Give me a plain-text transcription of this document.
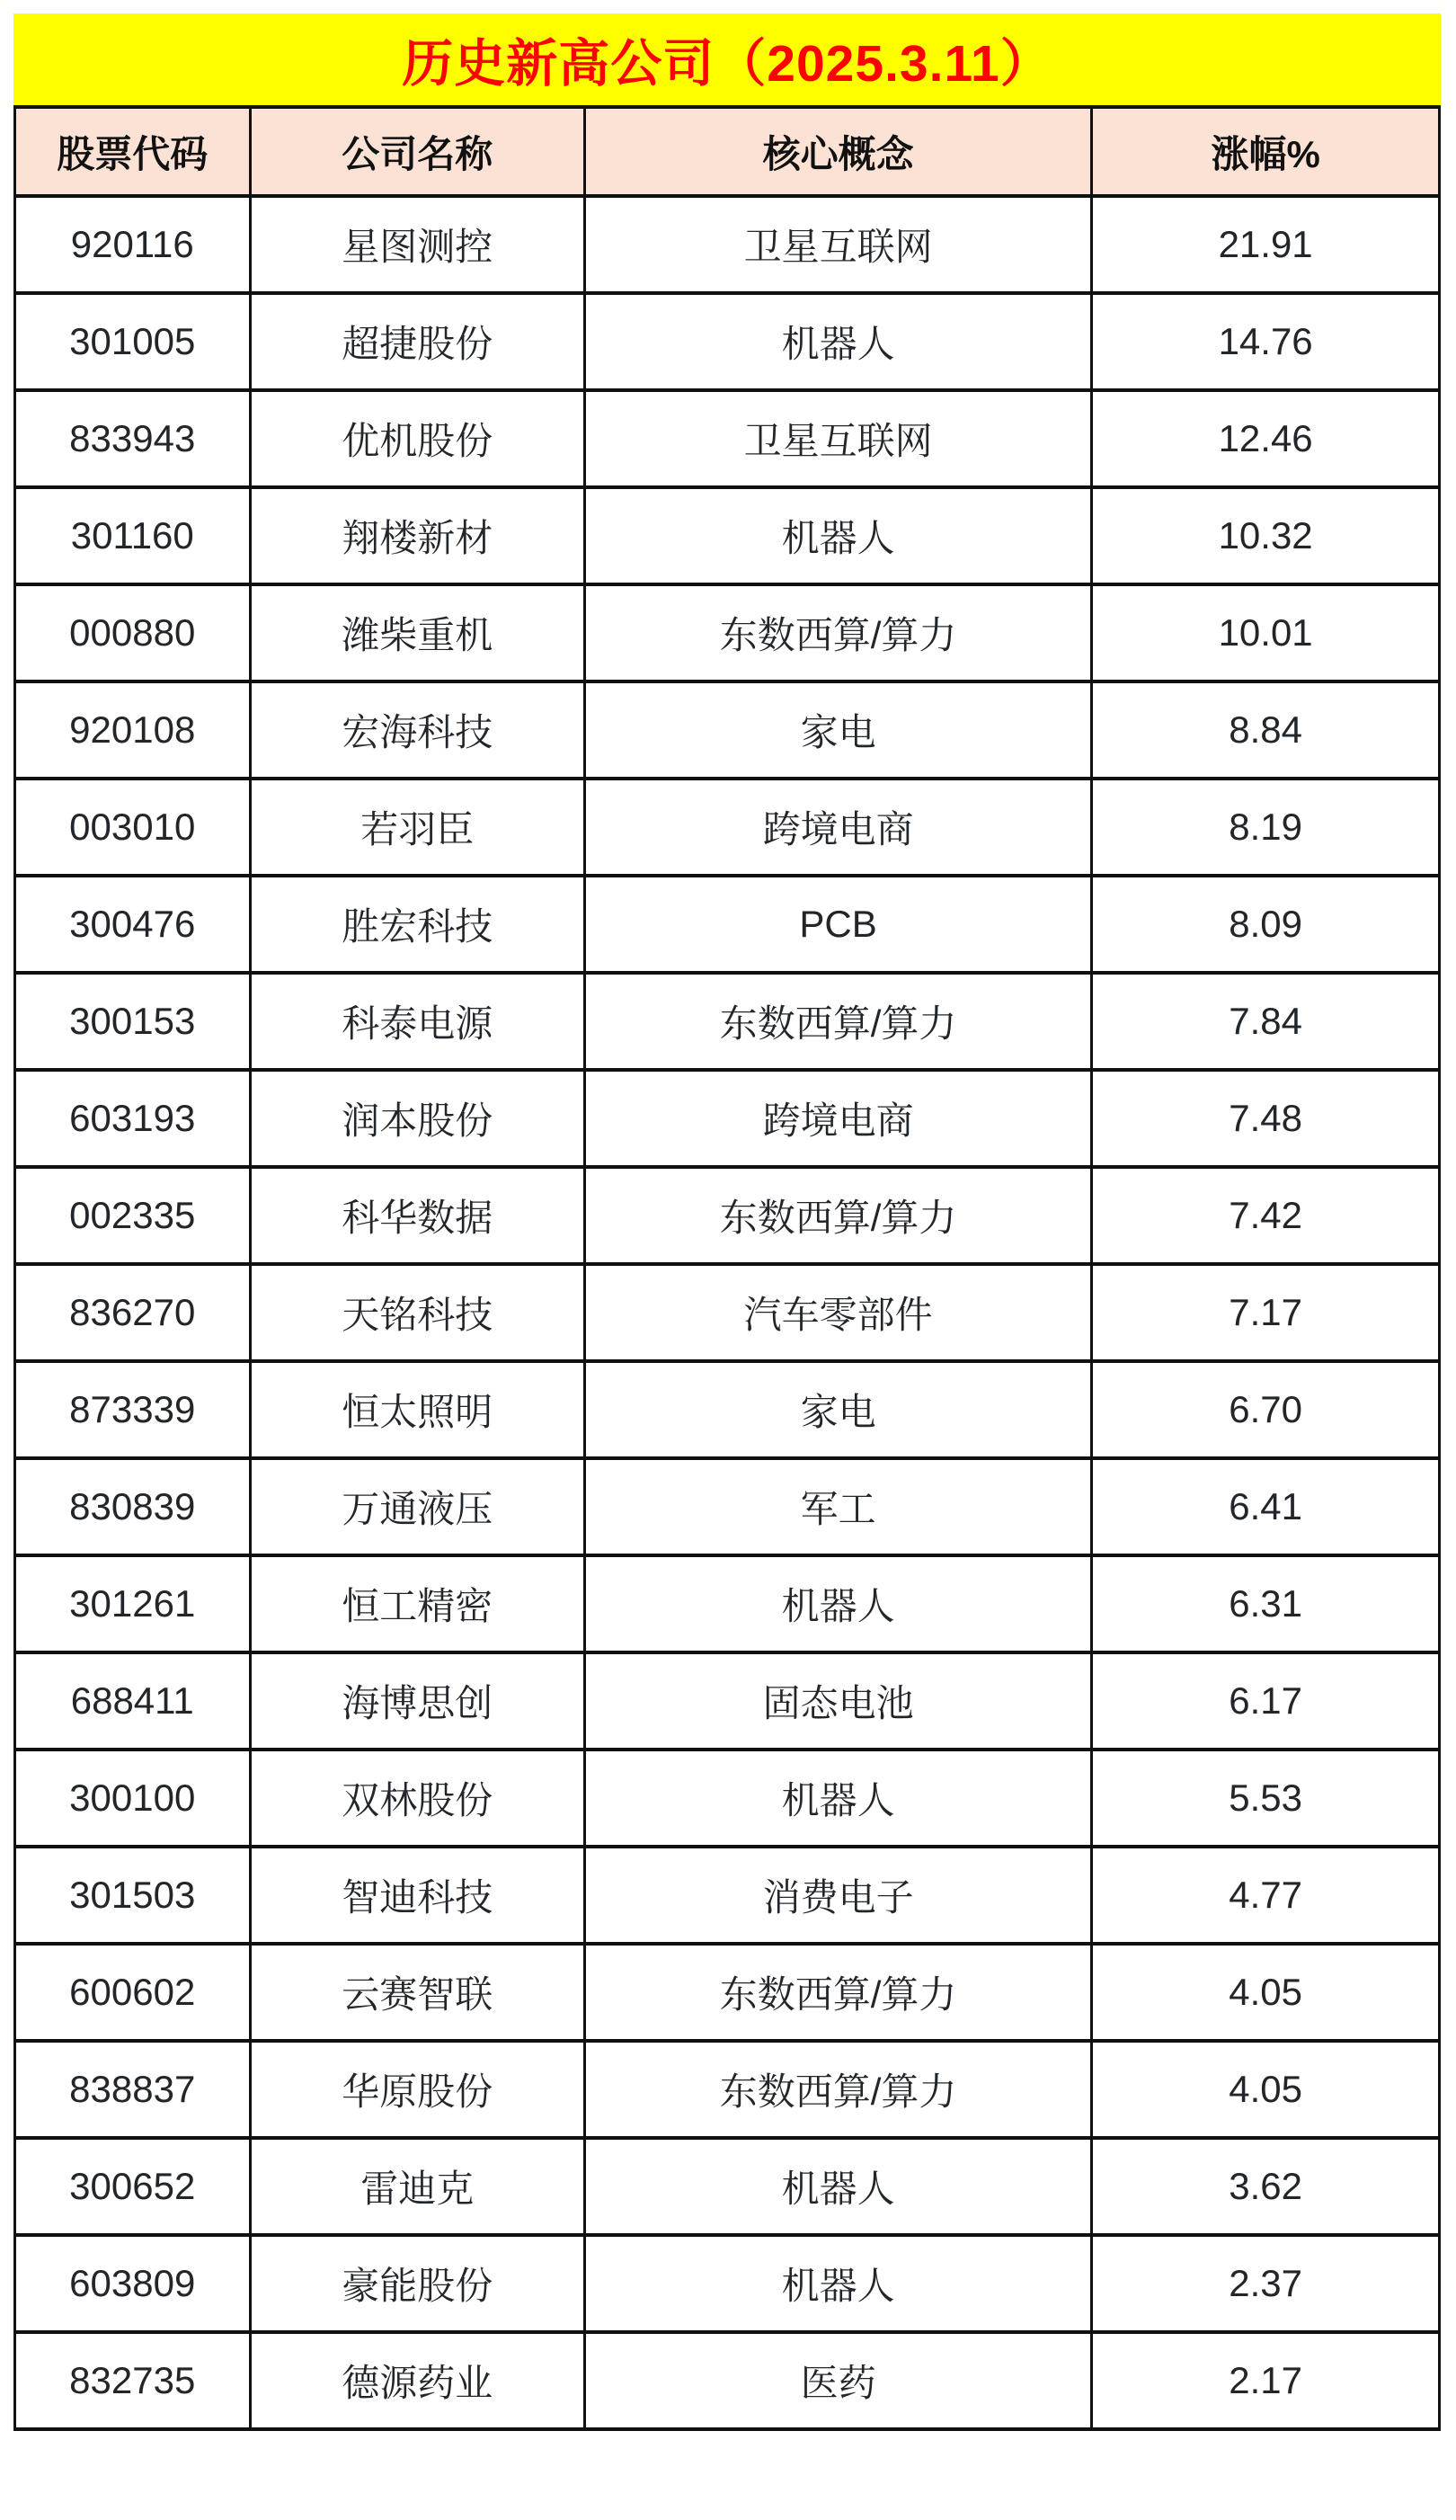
历史新高公司（2025.3.11）
股票代码	公司名称	核心概念	涨幅%
920116	星图测控	卫星互联网	21.91
301005	超捷股份	机器人	14.76
833943	优机股份	卫星互联网	12.46
301160	翔楼新材	机器人	10.32
000880	潍柴重机	东数西算/算力	10.01
920108	宏海科技	家电	8.84
003010	若羽臣	跨境电商	8.19
300476	胜宏科技	PCB	8.09
300153	科泰电源	东数西算/算力	7.84
603193	润本股份	跨境电商	7.48
002335	科华数据	东数西算/算力	7.42
836270	天铭科技	汽车零部件	7.17
873339	恒太照明	家电	6.70
830839	万通液压	军工	6.41
301261	恒工精密	机器人	6.31
688411	海博思创	固态电池	6.17
300100	双林股份	机器人	5.53
301503	智迪科技	消费电子	4.77
600602	云赛智联	东数西算/算力	4.05
838837	华原股份	东数西算/算力	4.05
300652	雷迪克	机器人	3.62
603809	豪能股份	机器人	2.37
832735	德源药业	医药	2.17
